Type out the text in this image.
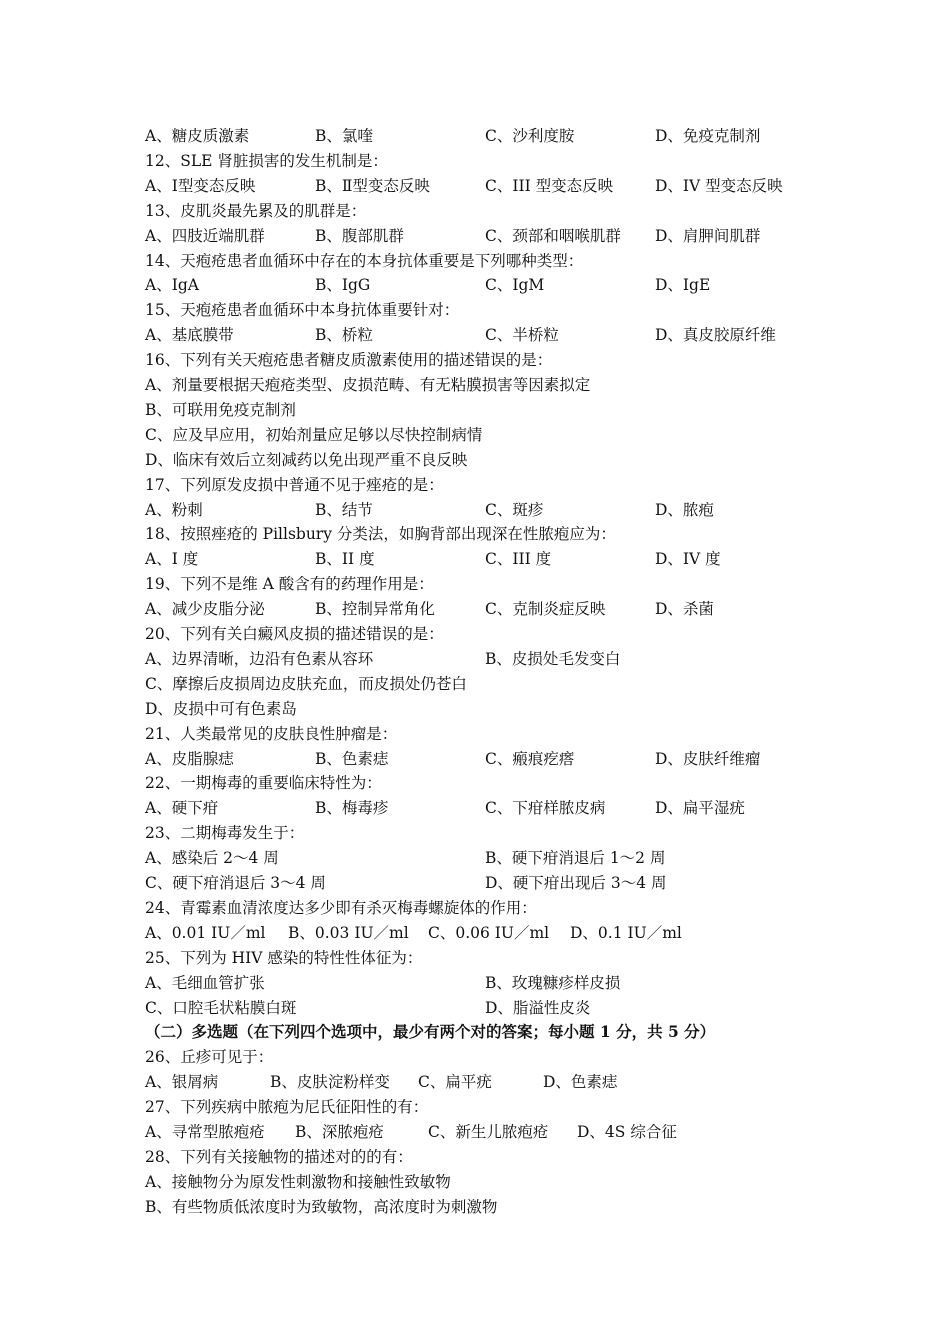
A、糖皮质激素	B、氯喹	C、沙利度胺	D、免疫克制剂
12、SLE 肾脏损害的发生机制是：
A、Ⅰ型变态反映	B、Ⅱ型变态反映	C、III 型变态反映	D、IV 型变态反映
13、皮肌炎最先累及的肌群是：
A、四肢近端肌群	B、腹部肌群	C、颈部和咽喉肌群 D、肩胛间肌群
14、天疱疮患者血循环中存在的本身抗体重要是下列哪种类型：
A、IgA	B、IgG	C、IgM	D、IgE
15、天疱疮患者血循环中本身抗体重要针对：
A、基底膜带	B、桥粒	C、半桥粒	D、真皮胶原纤维
16、下列有关天疱疮患者糖皮质激素使用的描述错误的是：
A、剂量要根据天疱疮类型、皮损范畴、有无粘膜损害等因素拟定
B、可联用免疫克制剂
C、应及早应用，初始剂量应足够以尽快控制病情
D、临床有效后立刻减药以免出现严重不良反映
17、下列原发皮损中普通不见于痤疮的是：
A、粉刺	B、结节	C、斑疹	D、脓疱
18、按照痤疮的 Pillsbury 分类法，如胸背部出现深在性脓疱应为：
A、I 度	B、II 度	C、III 度	D、IV 度
19、下列不是维 A 酸含有的药理作用是：
A、减少皮脂分泌	B、控制异常角化	C、克制炎症反映	D、杀菌
20、下列有关白癜风皮损的描述错误的是：
A、边界清晰，边沿有色素从容环	B、皮损处毛发变白
C、摩擦后皮损周边皮肤充血，而皮损处仍苍白
D、皮损中可有色素岛
21、人类最常见的皮肤良性肿瘤是：
A、皮脂腺痣	B、色素痣	C、瘢痕疙瘩	D、皮肤纤维瘤
22、一期梅毒的重要临床特性为：
A、硬下疳	B、梅毒疹	C、下疳样脓皮病	D、扁平湿疣
23、二期梅毒发生于：
A、感染后 2～4 周	B、硬下疳消退后 1～2 周
C、硬下疳消退后 3～4 周	D、硬下疳出现后 3～4 周
24、青霉素血清浓度达多少即有杀灭梅毒螺旋体的作用：
A、0.01 IU／ml B、0.03 IU／ml C、0.06 IU／ml D、0.1 IU／ml
25、下列为 HIV 感染的特性性体征为：
A、毛细血管扩张	B、玫瑰糠疹样皮损
C、口腔毛状粘膜白斑	D、脂溢性皮炎
（二）多选题（在下列四个选项中，最少有两个对的答案；每小题 1 分，共 5 分）
26、丘疹可见于：
A、银屑病	B、皮肤淀粉样变 C、扁平疣	D、色素痣
27、下列疾病中脓疱为尼氏征阳性的有：
A、寻常型脓疱疮 B、深脓疱疮	C、新生儿脓疱疮 D、4S 综合征
28、下列有关接触物的描述对的的有：
A、接触物分为原发性刺激物和接触性致敏物
B、有些物质低浓度时为致敏物，高浓度时为刺激物
